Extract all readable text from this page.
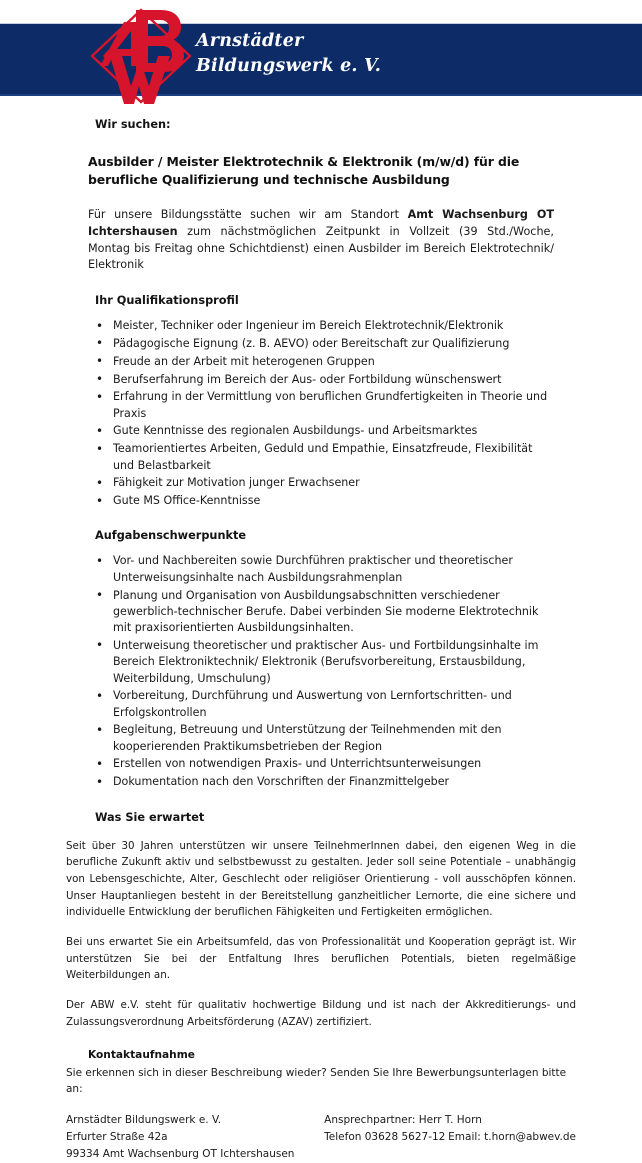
Arnstädter
Bildungswerk e. V.
Wir suchen:
Ausbilder / Meister Elektrotechnik & Elektronik (m/w/d) für die berufliche Qualifizierung und technische Ausbildung

Für unsere Bildungsstätte suchen wir am Standort Amt Wachsenburg OT Ichtershausen zum nächstmöglichen Zeitpunkt in Vollzeit (39 Std./Woche, Montag bis Freitag ohne Schichtdienst) einen Ausbilder im Bereich Elektrotechnik/ Elektronik

Ihr Qualifikationsprofil
• Meister, Techniker oder Ingenieur im Bereich Elektrotechnik/Elektronik
• Pädagogische Eignung (z. B. AEVO) oder Bereitschaft zur Qualifizierung
• Freude an der Arbeit mit heterogenen Gruppen
• Berufserfahrung im Bereich der Aus- oder Fortbildung wünschenswert
• Erfahrung in der Vermittlung von beruflichen Grundfertigkeiten in Theorie und Praxis
• Gute Kenntnisse des regionalen Ausbildungs- und Arbeitsmarktes
• Teamorientiertes Arbeiten, Geduld und Empathie, Einsatzfreude, Flexibilität und Belastbarkeit
• Fähigkeit zur Motivation junger Erwachsener
• Gute MS Office-Kenntnisse
Aufgabenschwerpunkte
• Vor- und Nachbereiten sowie Durchführen praktischer und theoretischer Unterweisungsinhalte nach Ausbildungsrahmenplan
• Planung und Organisation von Ausbildungsabschnitten verschiedener gewerblich-technischer Berufe. Dabei verbinden Sie moderne Elektrotechnik mit praxisorientierten Ausbildungsinhalten.
• Unterweisung theoretischer und praktischer Aus- und Fortbildungsinhalte im Bereich Elektroniktechnik/ Elektronik (Berufsvorbereitung, Erstausbildung, Weiterbildung, Umschulung)
• Vorbereitung, Durchführung und Auswertung von Lernfortschritten- und Erfolgskontrollen
• Begleitung, Betreuung und Unterstützung der Teilnehmenden mit den kooperierenden Praktikumsbetrieben der Region
• Erstellen von notwendigen Praxis- und Unterrichtsunterweisungen
• Dokumentation nach den Vorschriften der Finanzmittelgeber
Was Sie erwartet

Seit über 30 Jahren unterstützen wir unsere TeilnehmerInnen dabei, den eigenen Weg in die berufliche Zukunft aktiv und selbstbewusst zu gestalten. Jeder soll seine Potentiale – unabhängig von Lebensgeschichte, Alter, Geschlecht oder religiöser Orientierung - voll ausschöpfen können. Unser Hauptanliegen besteht in der Bereitstellung ganzheitlicher Lernorte, die eine sichere und individuelle Entwicklung der beruflichen Fähigkeiten und Fertigkeiten ermöglichen.

Bei uns erwartet Sie ein Arbeitsumfeld, das von Professionalität und Kooperation geprägt ist. Wir unterstützen Sie bei der Entfaltung Ihres beruflichen Potentials, bieten regelmäßige Weiterbildungen an.

Der ABW e.V. steht für qualitativ hochwertige Bildung und ist nach der Akkreditierungs- und Zulassungsverordnung Arbeitsförderung (AZAV) zertifiziert.

Kontaktaufnahme
Sie erkennen sich in dieser Beschreibung wieder? Senden Sie Ihre Bewerbungsunterlagen bitte an:
Arnstädter Bildungswerk e. V.
Erfurter Straße 42a
99334 Amt Wachsenburg OT Ichtershausen
Ansprechpartner: Herr T. Horn
Telefon 03628 5627-12 Email: t.horn@abwev.de
